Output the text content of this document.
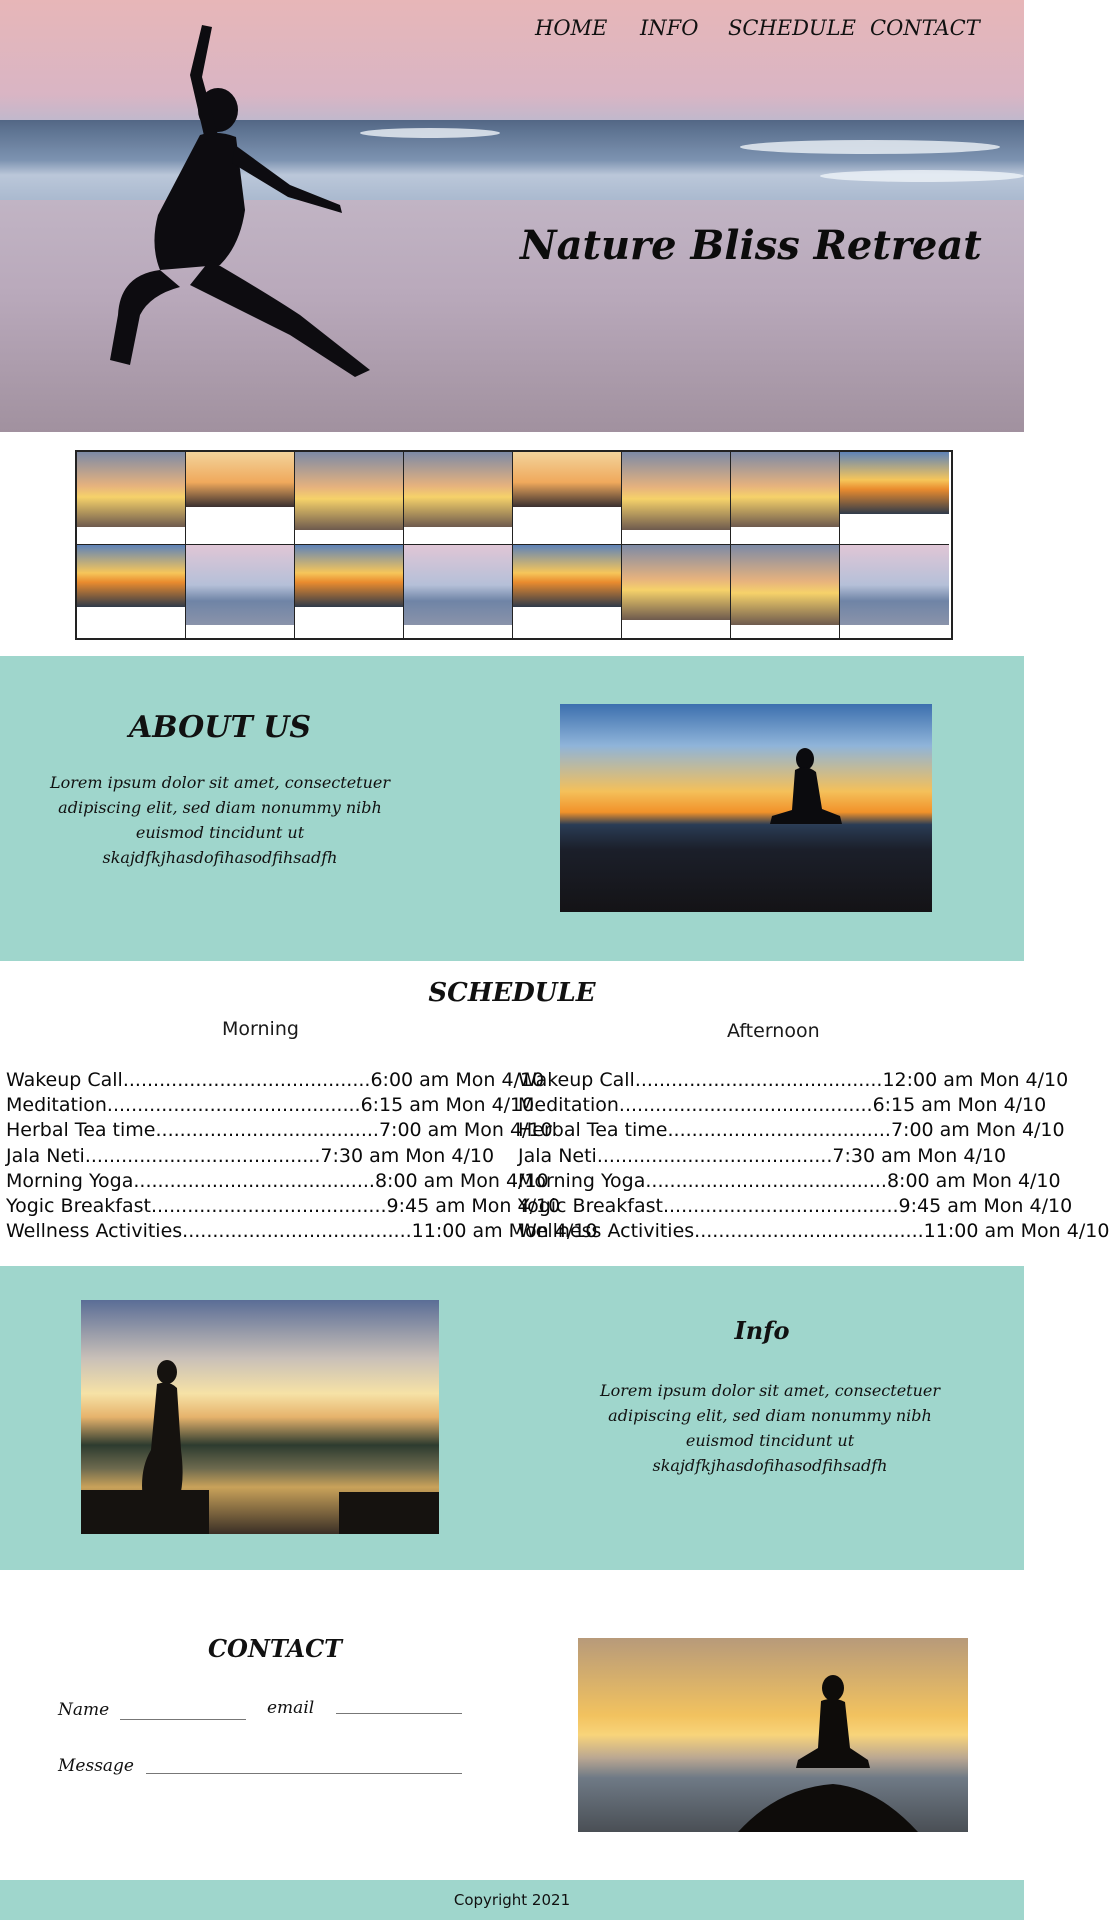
HOME INFO SCHEDULE CONTACT
Nature Bliss Retreat
ABOUT US

Lorem ipsum dolor sit amet, consectetuer adipiscing elit, sed diam nonummy nibh euismod tincidunt ut skajdfkjhasdofihasodfihsadfh

SCHEDULE
Morning	Afternoon
Wakeup Call.........................................6:00 am Mon 4/10
Meditation..........................................6:15 am Mon 4/10
Herbal Tea time.....................................7:00 am Mon 4/10
Jala Neti.......................................7:30 am Mon 4/10
Morning Yoga........................................8:00 am Mon 4/10
Yogic Breakfast.......................................9:45 am Mon 4/10
Wellness Activities......................................11:00 am Mon 4/10
Wakeup Call.........................................12:00 am Mon 4/10
Meditation..........................................6:15 am Mon 4/10
Herbal Tea time.....................................7:00 am Mon 4/10
Jala Neti.......................................7:30 am Mon 4/10
Morning Yoga........................................8:00 am Mon 4/10
Yogic Breakfast.......................................9:45 am Mon 4/10
Wellness Activities......................................11:00 am Mon 4/10
Info

Lorem ipsum dolor sit amet, consectetuer adipiscing elit, sed diam nonummy nibh euismod tincidunt ut skajdfkjhasdofihasodfihsadfh

CONTACT
Name	email
Message
Copyright 2021
